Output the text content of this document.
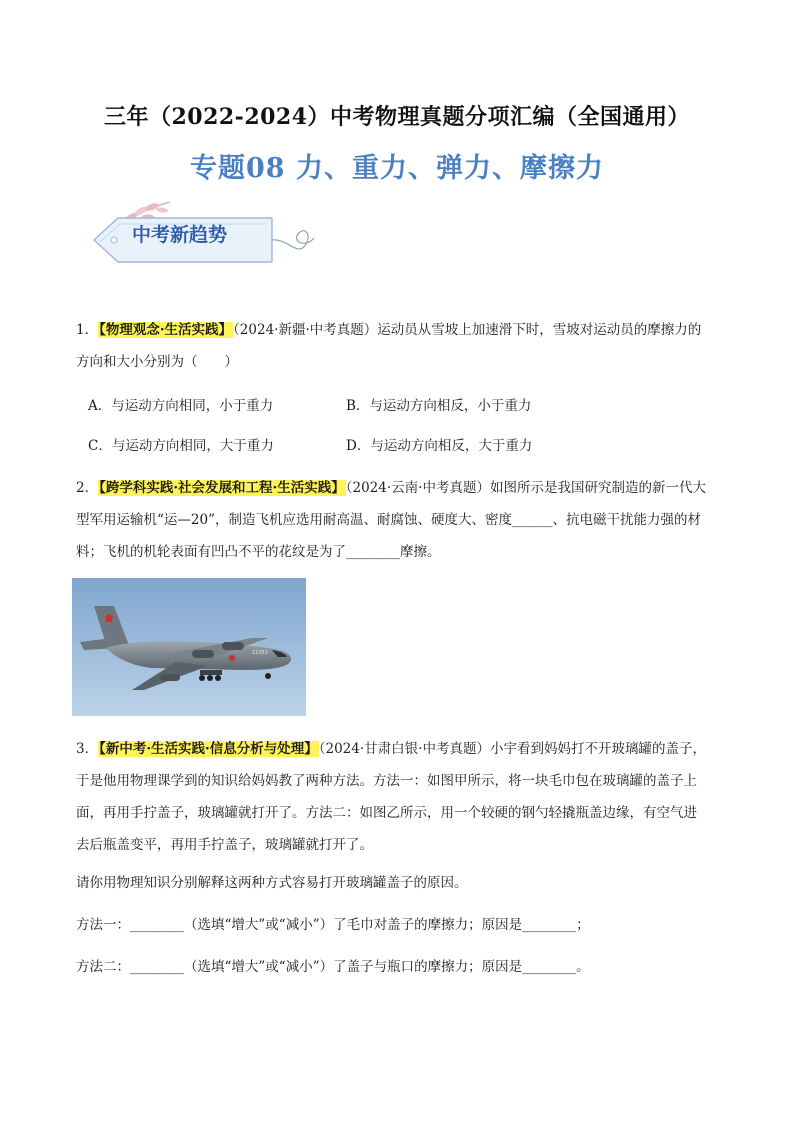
三年（2022-2024）中考物理真题分项汇编（全国通用）
专题08 力、重力、弹力、摩擦力
中考新趋势
1．【物理观念·生活实践】（2024·新疆·中考真题）运动员从雪坡上加速滑下时，雪坡对运动员的摩擦力的
方向和大小分别为（　　）
A．与运动方向相同，小于重力	B．与运动方向相反，小于重力
C．与运动方向相同，大于重力	D．与运动方向相反，大于重力
2．【跨学科实践·社会发展和工程·生活实践】（2024·云南·中考真题）如图所示是我国研究制造的新一代大
型军用运输机“运—20”，制造飞机应选用耐高温、耐腐蚀、硬度大、密度______、抗电磁干扰能力强的材
料；飞机的机轮表面有凹凸不平的花纹是为了________摩擦。
11051
3．【新中考·生活实践·信息分析与处理】（2024·甘肃白银·中考真题）小宇看到妈妈打不开玻璃罐的盖子，
于是他用物理课学到的知识给妈妈教了两种方法。方法一：如图甲所示，将一块毛巾包在玻璃罐的盖子上
面，再用手拧盖子，玻璃罐就打开了。方法二：如图乙所示，用一个较硬的钢勺轻撬瓶盖边缘，有空气进
去后瓶盖变平，再用手拧盖子，玻璃罐就打开了。
请你用物理知识分别解释这两种方式容易打开玻璃罐盖子的原因。
方法一：________（选填“增大”或“减小”）了毛巾对盖子的摩擦力；原因是________；
方法二：________（选填“增大”或“减小”）了盖子与瓶口的摩擦力；原因是________。
